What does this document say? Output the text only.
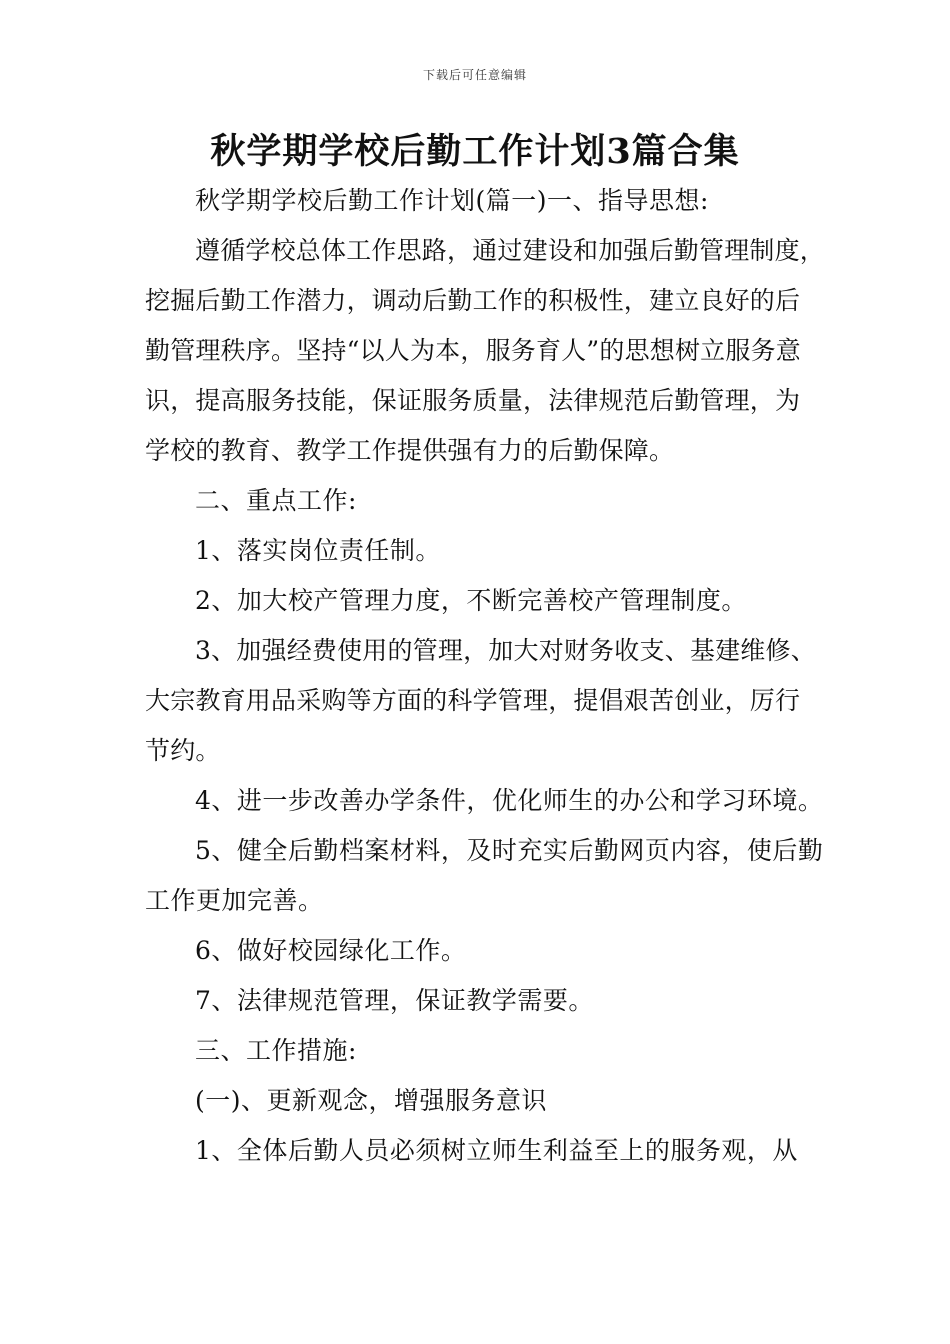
下载后可任意编辑
秋学期学校后勤工作计划3篇合集

秋学期学校后勤工作计划(篇一)一、指导思想:

遵循学校总体工作思路，通过建设和加强后勤管理制度，挖掘后勤工作潜力，调动后勤工作的积极性，建立良好的后勤管理秩序。坚持“以人为本，服务育人”的思想树立服务意识，提高服务技能，保证服务质量，法律规范后勤管理，为学校的教育、教学工作提供强有力的后勤保障。

二、重点工作:

1、落实岗位责任制。

2、加大校产管理力度，不断完善校产管理制度。

3、加强经费使用的管理，加大对财务收支、基建维修、大宗教育用品采购等方面的科学管理，提倡艰苦创业，厉行节约。

4、进一步改善办学条件，优化师生的办公和学习环境。

5、健全后勤档案材料，及时充实后勤网页内容，使后勤工作更加完善。

6、做好校园绿化工作。

7、法律规范管理，保证教学需要。

三、工作措施:

(一)、更新观念，增强服务意识

1、全体后勤人员必须树立师生利益至上的服务观，从
